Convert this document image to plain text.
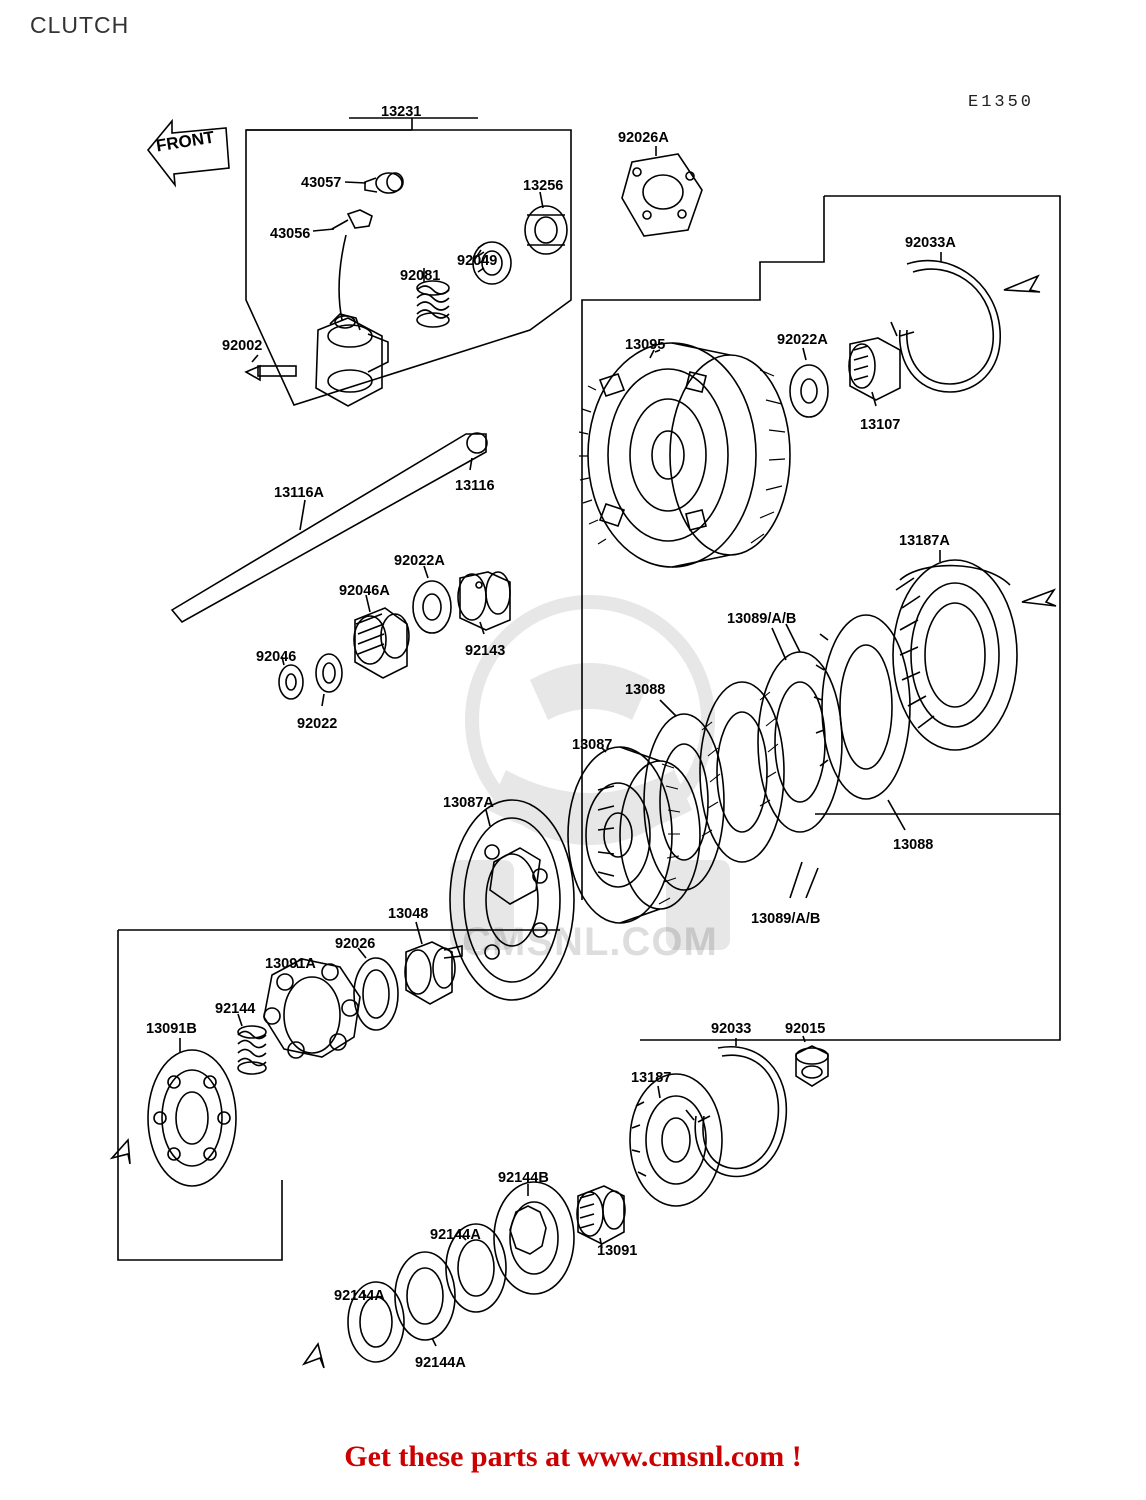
CLUTCH
E1350
CMSNL.COM
FRONT
13231
92026A
43057	13256
43056
92049
92033A
92081
92002	13095	92022A
13107
13116
13116A
13187A
92022A
92046A
13089/A/B
92143
92046
13088
92022
13087
13087A
13088
13089/A/B
13048
92026
13091A
92144
13091B	92033 92015
13187
92144B
92144A
13091
92144A
92144A
Get these parts at www.cmsnl.com !
